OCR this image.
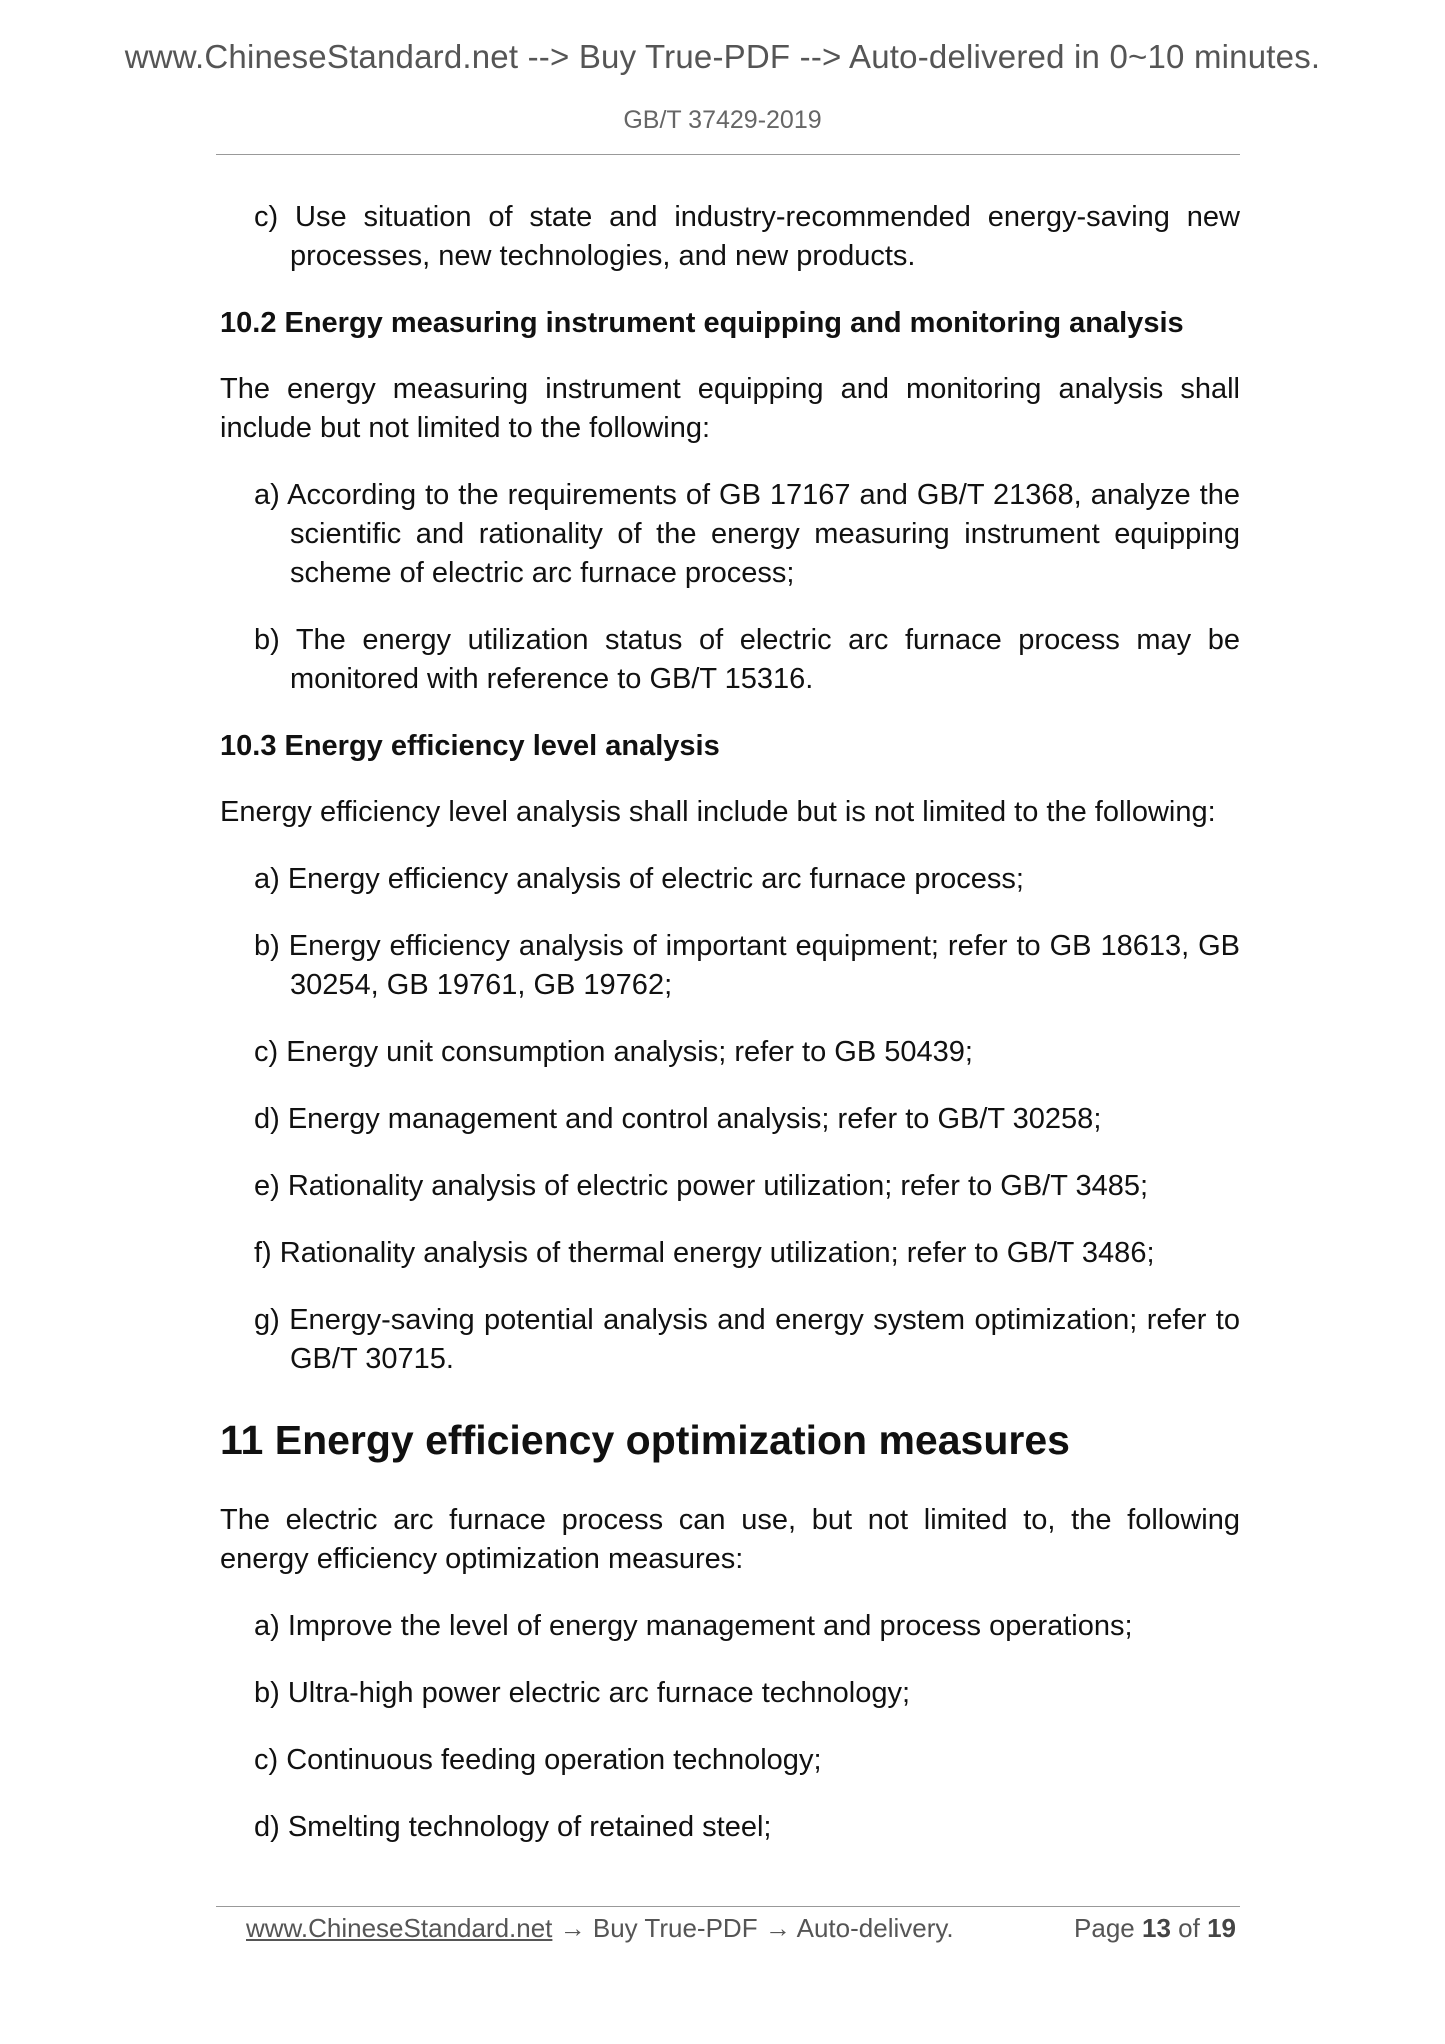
www.ChineseStandard.net --> Buy True-PDF --> Auto-delivered in 0~10 minutes.
GB/T 37429-2019
c) Use situation of state and industry-recommended energy-saving new processes, new technologies, and new products.
10.2 Energy measuring instrument equipping and monitoring analysis

The energy measuring instrument equipping and monitoring analysis shall include but not limited to the following:

a) According to the requirements of GB 17167 and GB/T 21368, analyze the scientific and rationality of the energy measuring instrument equipping scheme of electric arc furnace process;
b) The energy utilization status of electric arc furnace process may be monitored with reference to GB/T 15316.
10.3 Energy efficiency level analysis

Energy efficiency level analysis shall include but is not limited to the following:

a) Energy efficiency analysis of electric arc furnace process;
b) Energy efficiency analysis of important equipment; refer to GB 18613, GB 30254, GB 19761, GB 19762;
c) Energy unit consumption analysis; refer to GB 50439;
d) Energy management and control analysis; refer to GB/T 30258;
e) Rationality analysis of electric power utilization; refer to GB/T 3485;
f) Rationality analysis of thermal energy utilization; refer to GB/T 3486;
g) Energy-saving potential analysis and energy system optimization; refer to GB/T 30715.
11 Energy efficiency optimization measures

The electric arc furnace process can use, but not limited to, the following energy efficiency optimization measures:

a) Improve the level of energy management and process operations;
b) Ultra-high power electric arc furnace technology;
c) Continuous feeding operation technology;
d) Smelting technology of retained steel;
www.ChineseStandard.net → Buy True-PDF → Auto-delivery.	Page 13 of 19
